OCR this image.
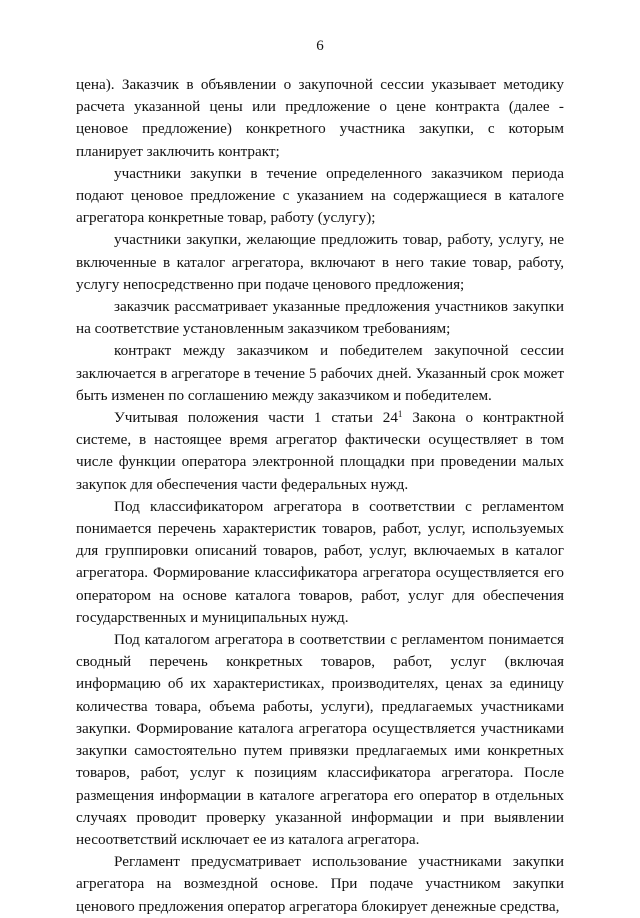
6

цена). Заказчик в объявлении о закупочной сессии указывает методику расчета указанной цены или предложение о цене контракта (далее - ценовое предложение) конкретного участника закупки, с которым планирует заключить контракт;

участники закупки в течение определенного заказчиком периода подают ценовое предложение с указанием на содержащиеся в каталоге агрегатора конкретные товар, работу (услугу);

участники закупки, желающие предложить товар, работу, услугу, не включенные в каталог агрегатора, включают в него такие товар, работу, услугу непосредственно при подаче ценового предложения;

заказчик рассматривает указанные предложения участников закупки на соответствие установленным заказчиком требованиям;

контракт между заказчиком и победителем закупочной сессии заключается в агрегаторе в течение 5 рабочих дней. Указанный срок может быть изменен по соглашению между заказчиком и победителем.

Учитывая положения части 1 статьи $24^1$ Закона о контрактной системе, в настоящее время агрегатор фактически осуществляет в том числе функции оператора электронной площадки при проведении малых закупок для обеспечения части федеральных нужд.

Под классификатором агрегатора в соответствии с регламентом понимается перечень характеристик товаров, работ, услуг, используемых для группировки описаний товаров, работ, услуг, включаемых в каталог агрегатора. Формирование классификатора агрегатора осуществляется его оператором на основе каталога товаров, работ, услуг для обеспечения государственных и муниципальных нужд.

Под каталогом агрегатора в соответствии с регламентом понимается сводный перечень конкретных товаров, работ, услуг (включая информацию об их характеристиках, производителях, ценах за единицу количества товара, объема работы, услуги), предлагаемых участниками закупки. Формирование каталога агрегатора осуществляется участниками закупки самостоятельно путем привязки предлагаемых ими конкретных товаров, работ, услуг к позициям классификатора агрегатора. После размещения информации в каталоге агрегатора его оператор в отдельных случаях проводит проверку указанной информации и при выявлении несоответствий исключает ее из каталога агрегатора.

Регламент предусматривает использование участниками закупки агрегатора на возмездной основе. При подаче участником закупки ценового предложения оператор агрегатора блокирует денежные средства,
